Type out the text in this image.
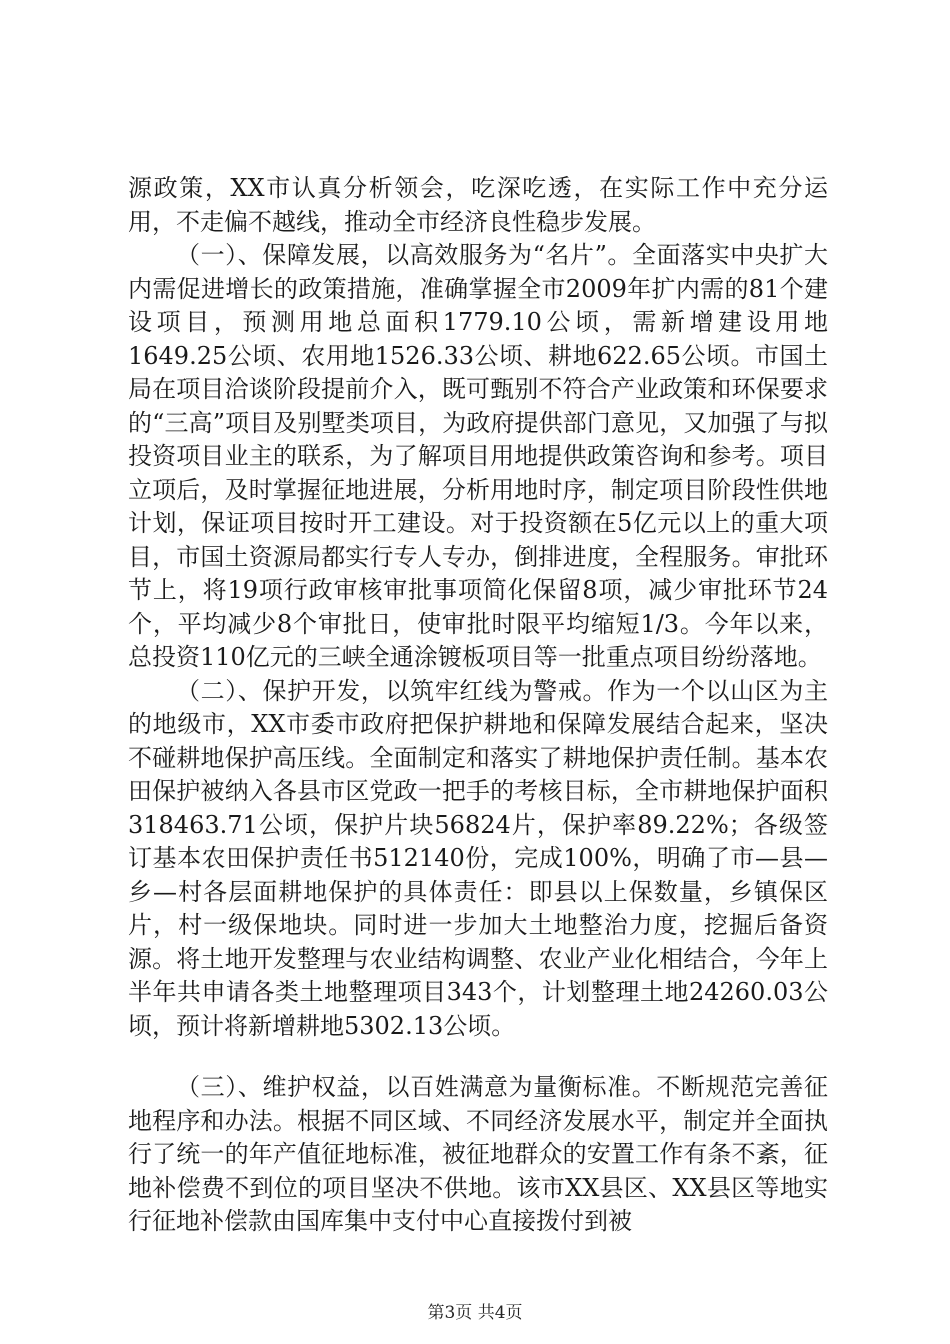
源政策，XX市认真分析领会，吃深吃透，在实际工作中充分运用，不走偏不越线，推动全市经济良性稳步发展。

（一）、保障发展，以高效服务为“名片”。全面落实中央扩大内需促进增长的政策措施，准确掌握全市2009年扩内需的81个建设项目，预测用地总面积1779.10公顷，需新增建设用地1649.25公顷、农用地1526.33公顷、耕地622.65公顷。市国土局在项目洽谈阶段提前介入，既可甄别不符合产业政策和环保要求的“三高”项目及别墅类项目，为政府提供部门意见，又加强了与拟投资项目业主的联系，为了解项目用地提供政策咨询和参考。项目立项后，及时掌握征地进展，分析用地时序，制定项目阶段性供地计划，保证项目按时开工建设。对于投资额在5亿元以上的重大项目，市国土资源局都实行专人专办，倒排进度，全程服务。审批环节上，将19项行政审核审批事项简化保留8项，减少审批环节24个，平均减少8个审批日，使审批时限平均缩短1/3。今年以来，总投资110亿元的三峡全通涂镀板项目等一批重点项目纷纷落地。

（二）、保护开发，以筑牢红线为警戒。作为一个以山区为主的地级市，XX市委市政府把保护耕地和保障发展结合起来，坚决不碰耕地保护高压线。全面制定和落实了耕地保护责任制。基本农田保护被纳入各县市区党政一把手的考核目标，全市耕地保护面积318463.71公顷，保护片块56824片，保护率89.22%；各级签订基本农田保护责任书512140份，完成100%，明确了市—县—乡—村各层面耕地保护的具体责任：即县以上保数量，乡镇保区片，村一级保地块。同时进一步加大土地整治力度，挖掘后备资源。将土地开发整理与农业结构调整、农业产业化相结合，今年上半年共申请各类土地整理项目343个，计划整理土地24260.03公顷，预计将新增耕地5302.13公顷。

（三）、维护权益，以百姓满意为量衡标准。不断规范完善征地程序和办法。根据不同区域、不同经济发展水平，制定并全面执行了统一的年产值征地标准，被征地群众的安置工作有条不紊，征地补偿费不到位的项目坚决不供地。该市XX县区、XX县区等地实行征地补偿款由国库集中支付中心直接拨付到被

第3页 共4页
